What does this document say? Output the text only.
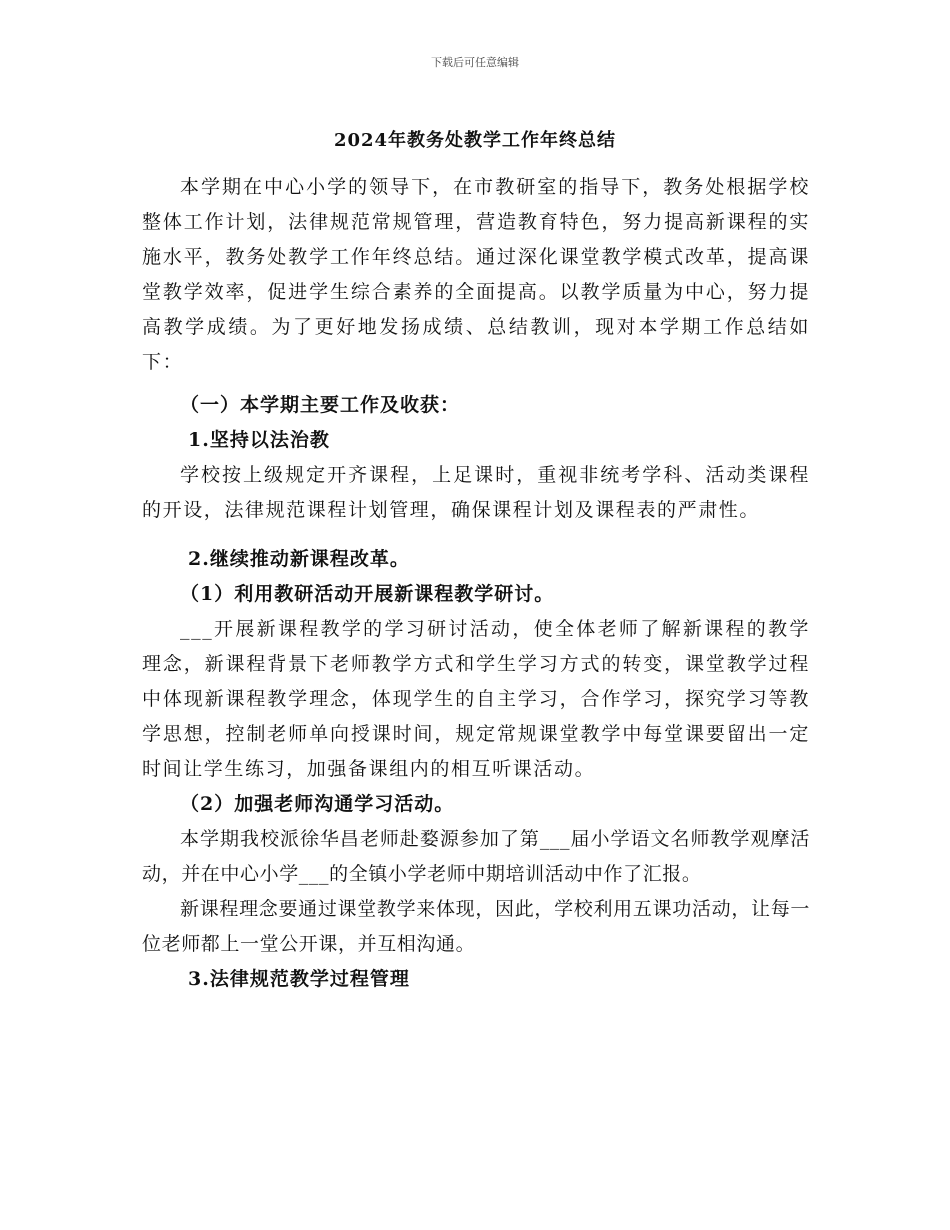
下载后可任意编辑
2024年教务处教学工作年终总结

本学期在中心小学的领导下，在市教研室的指导下，教务处根据学校整体工作计划，法律规范常规管理，营造教育特色，努力提高新课程的实施水平，教务处教学工作年终总结。通过深化课堂教学模式改革，提高课堂教学效率，促进学生综合素养的全面提高。以教学质量为中心，努力提高教学成绩。为了更好地发扬成绩、总结教训，现对本学期工作总结如下：

（一）本学期主要工作及收获：

1.坚持以法治教

学校按上级规定开齐课程，上足课时，重视非统考学科、活动类课程的开设，法律规范课程计划管理，确保课程计划及课程表的严肃性。

2.继续推动新课程改革。

（1）利用教研活动开展新课程教学研讨。

___开展新课程教学的学习研讨活动，使全体老师了解新课程的教学理念，新课程背景下老师教学方式和学生学习方式的转变，课堂教学过程中体现新课程教学理念，体现学生的自主学习，合作学习，探究学习等教学思想，控制老师单向授课时间，规定常规课堂教学中每堂课要留出一定时间让学生练习，加强备课组内的相互听课活动。

（2）加强老师沟通学习活动。

本学期我校派徐华昌老师赴婺源参加了第___届小学语文名师教学观摩活动，并在中心小学___的全镇小学老师中期培训活动中作了汇报。

新课程理念要通过课堂教学来体现，因此，学校利用五课功活动，让每一位老师都上一堂公开课，并互相沟通。

3.法律规范教学过程管理
